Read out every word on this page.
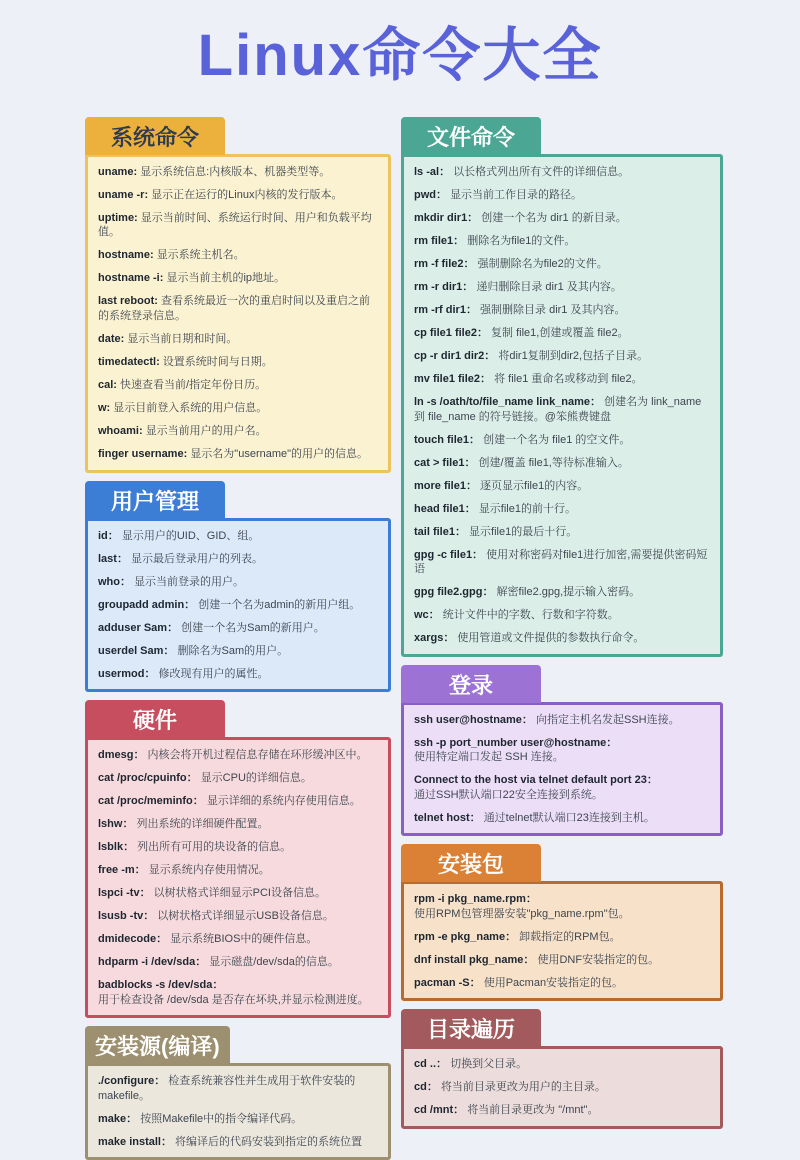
Linux命令大全
系统命令

uname: 显示系统信息:内核版本、机器类型等。

uname -r: 显示正在运行的Linux内核的发行版本。

uptime: 显示当前时间、系统运行时间、用户和负载平均值。

hostname: 显示系统主机名。

hostname -i: 显示当前主机的ip地址。

last reboot: 查看系统最近一次的重启时间以及重启之前的系统登录信息。

date: 显示当前日期和时间。

timedatectl: 设置系统时间与日期。

cal: 快速查看当前/指定年份日历。

w: 显示目前登入系统的用户信息。

whoami: 显示当前用户的用户名。

finger username: 显示名为"username"的用户的信息。

用户管理

id： 显示用户的UID、GID、组。

last： 显示最后登录用户的列表。

who： 显示当前登录的用户。

groupadd admin： 创建一个名为admin的新用户组。

adduser Sam： 创建一个名为Sam的新用户。

userdel Sam： 删除名为Sam的用户。

usermod： 修改现有用户的属性。

硬件

dmesg： 内核会将开机过程信息存储在环形缓冲区中。

cat /proc/cpuinfo： 显示CPU的详细信息。

cat /proc/meminfo： 显示详细的系统内存使用信息。

lshw： 列出系统的详细硬件配置。

lsblk： 列出所有可用的块设备的信息。

free -m： 显示系统内存使用情况。

lspci -tv： 以树状格式详细显示PCI设备信息。

lsusb -tv： 以树状格式详细显示USB设备信息。

dmidecode： 显示系统BIOS中的硬件信息。

hdparm -i /dev/sda： 显示磁盘/dev/sda的信息。

badblocks -s /dev/sda：
用于检查设备 /dev/sda 是否存在坏块,并显示检测进度。

安装源(编译)

./configure： 检查系统兼容性并生成用于软件安装的makefile。

make： 按照Makefile中的指令编译代码。

make install： 将编译后的代码安装到指定的系统位置

文件命令

ls -al： 以长格式列出所有文件的详细信息。

pwd： 显示当前工作目录的路径。

mkdir dir1： 创建一个名为 dir1 的新目录。

rm file1： 删除名为file1的文件。

rm -f file2： 强制删除名为file2的文件。

rm -r dir1： 递归删除目录 dir1 及其内容。

rm -rf dir1： 强制删除目录 dir1 及其内容。

cp file1 file2： 复制 file1,创建或覆盖 file2。

cp -r dir1 dir2： 将dir1复制到dir2,包括子目录。

mv file1 file2： 将 file1 重命名或移动到 file2。

ln -s /oath/to/file_name link_name： 创建名为 link_name 到 file_name 的符号链接。@笨熊费键盘

touch file1： 创建一个名为 file1 的空文件。

cat > file1： 创建/覆盖 file1,等待标准输入。

more file1： 逐页显示file1的内容。

head file1： 显示file1的前十行。

tail file1： 显示file1的最后十行。

gpg -c file1： 使用对称密码对file1进行加密,需要提供密码短语

gpg file2.gpg： 解密file2.gpg,提示输入密码。

wc： 统计文件中的字数、行数和字符数。

xargs： 使用管道或文件提供的参数执行命令。

登录

ssh user@hostname： 向指定主机名发起SSH连接。

ssh -p port_number user@hostname：
使用特定端口发起 SSH 连接。

Connect to the host via telnet default port 23：
通过SSH默认端口22安全连接到系统。

telnet host： 通过telnet默认端口23连接到主机。

安装包

rpm -i pkg_name.rpm：
使用RPM包管理器安装"pkg_name.rpm"包。

rpm -e pkg_name： 卸载指定的RPM包。

dnf install pkg_name： 使用DNF安装指定的包。

pacman -S： 使用Pacman安装指定的包。

目录遍历

cd ..： 切换到父目录。

cd： 将当前目录更改为用户的主目录。

cd /mnt： 将当前目录更改为 "/mnt"。
